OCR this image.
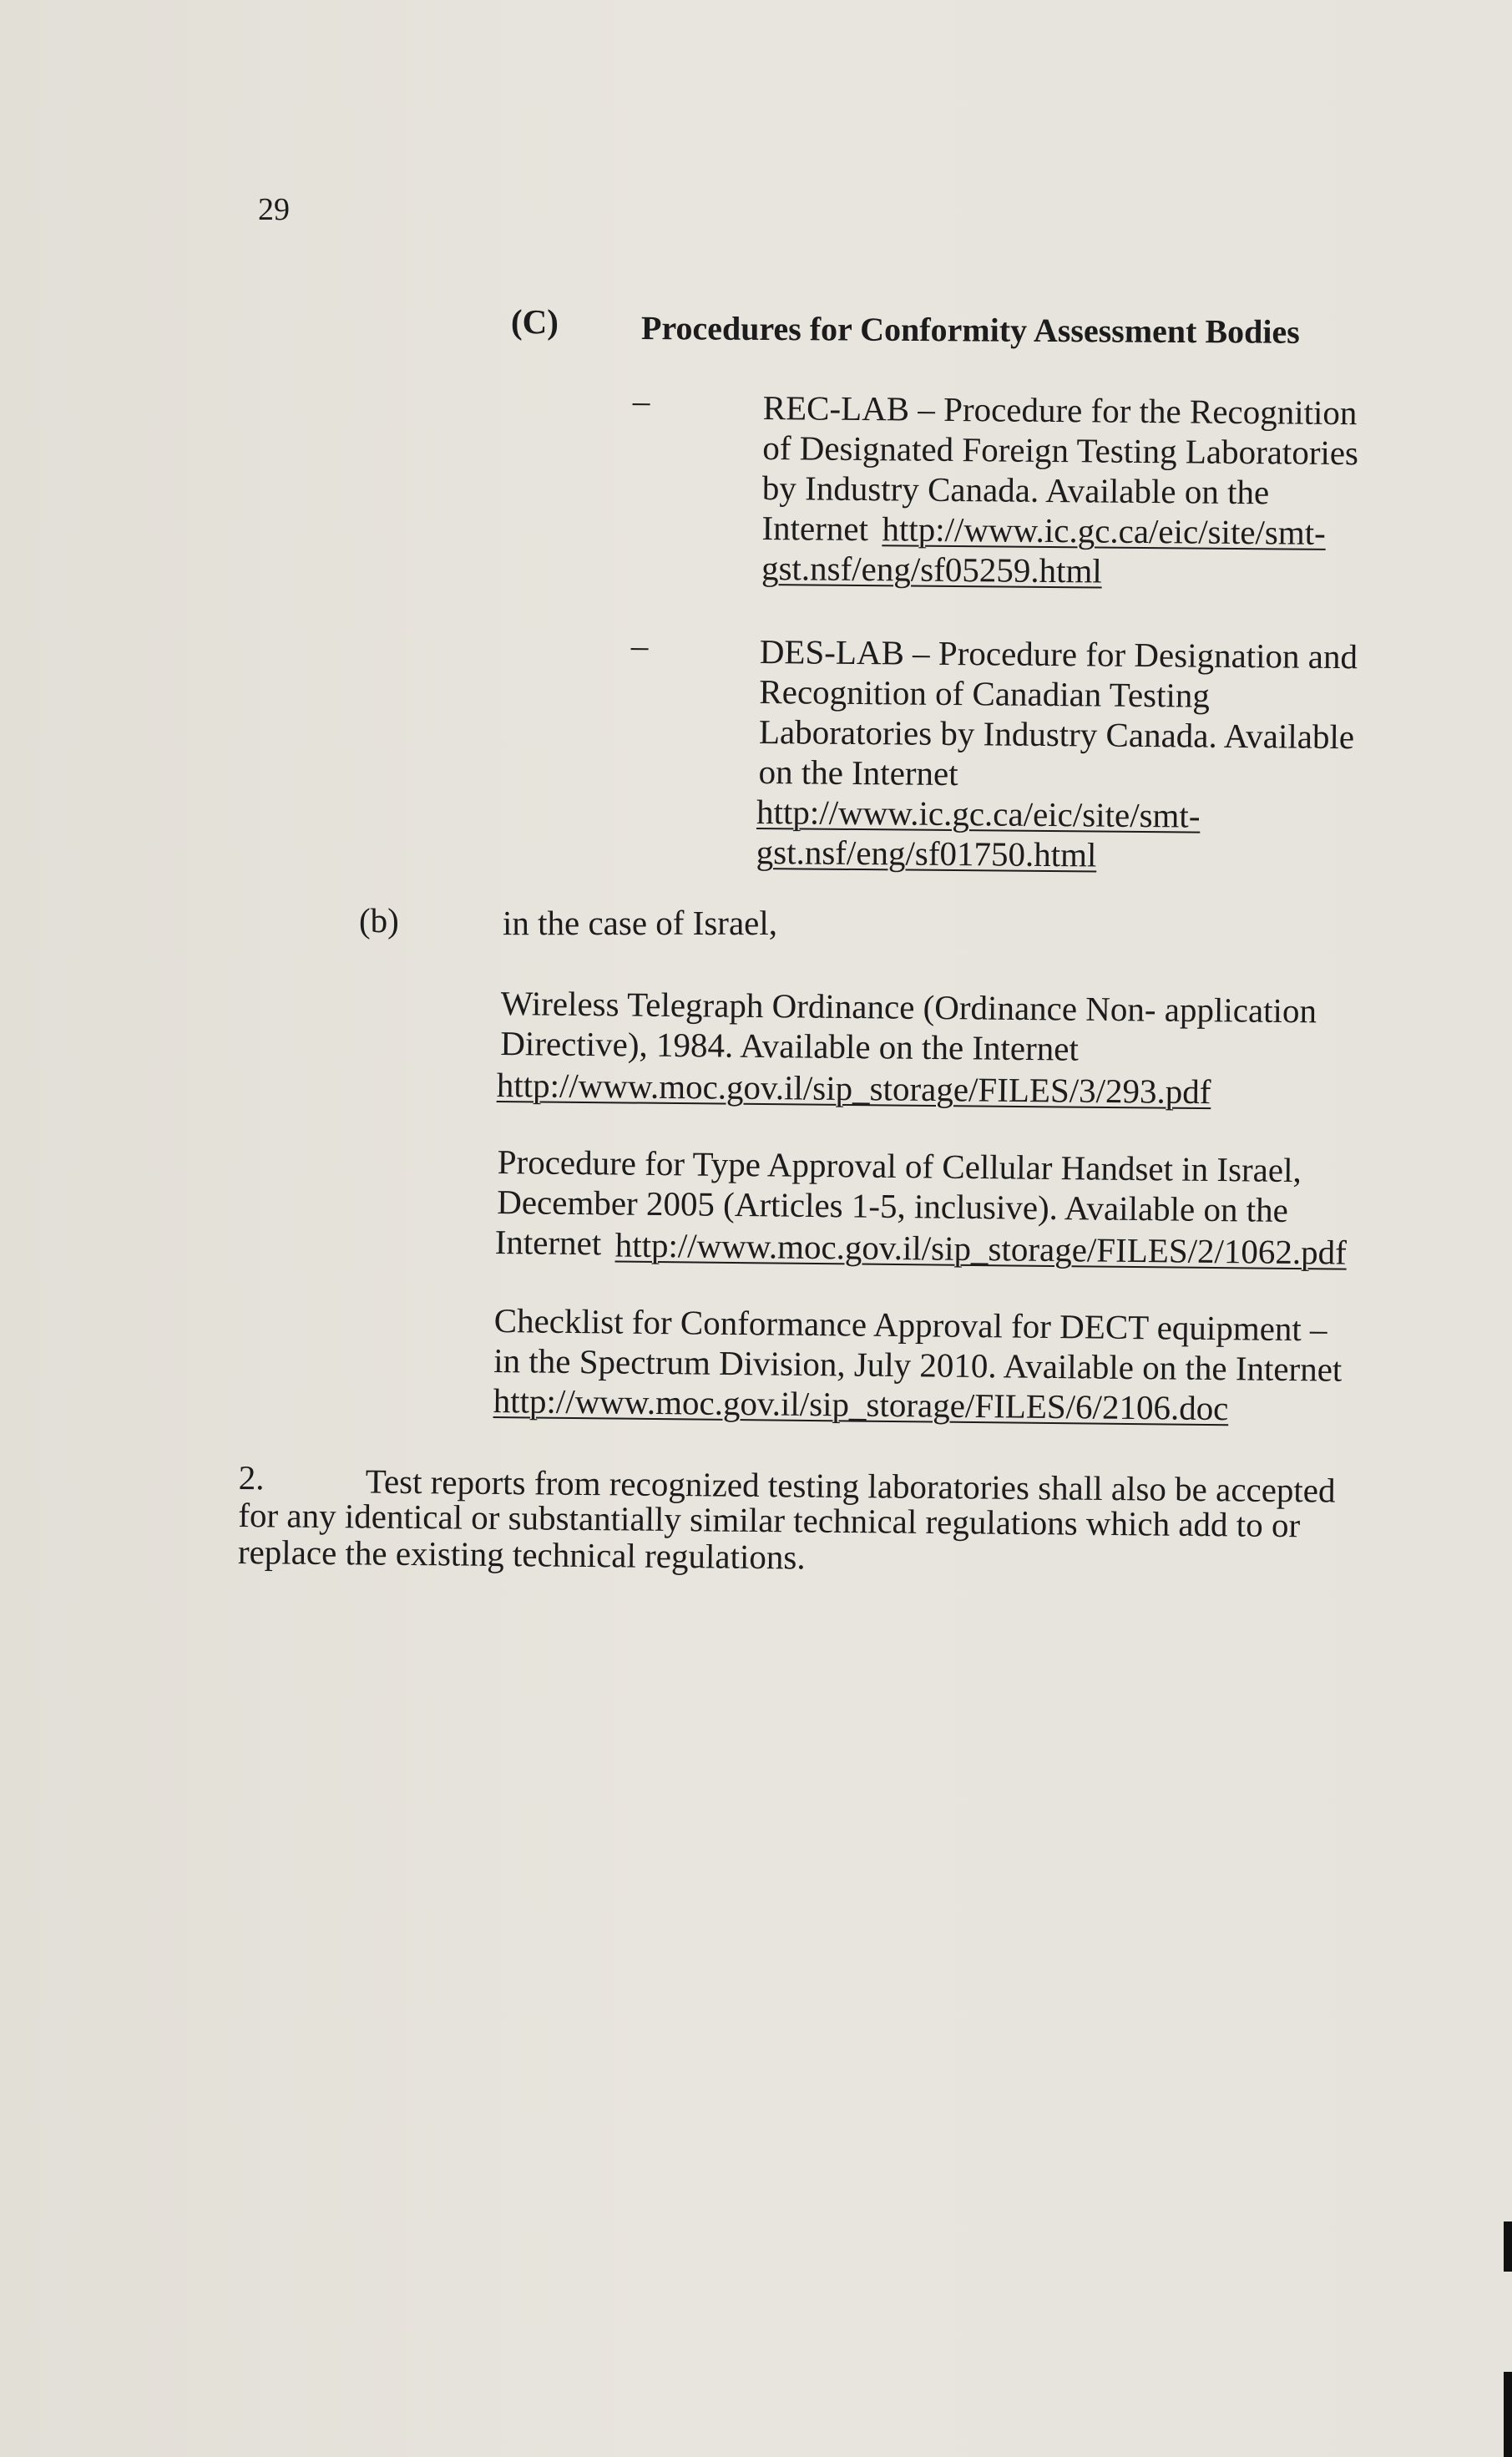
29
(C) Procedures for Conformity Assessment Bodies
–	REC-LAB – Procedure for the Recognition
of Designated Foreign Testing Laboratories
by Industry Canada. Available on the
Internet http://www.ic.gc.ca/eic/site/smt-
gst.nsf/eng/sf05259.html
–	DES-LAB – Procedure for Designation and
Recognition of Canadian Testing
Laboratories by Industry Canada. Available
on the Internet
http://www.ic.gc.ca/eic/site/smt-
gst.nsf/eng/sf01750.html
(b)	in the case of Israel,
Wireless Telegraph Ordinance (Ordinance Non- application
Directive), 1984. Available on the Internet
http://www.moc.gov.il/sip_storage/FILES/3/293.pdf
Procedure for Type Approval of Cellular Handset in Israel,
December 2005 (Articles 1-5, inclusive). Available on the
Internet http://www.moc.gov.il/sip_storage/FILES/2/1062.pdf
Checklist for Conformance Approval for DECT equipment –
in the Spectrum Division, July 2010. Available on the Internet
http://www.moc.gov.il/sip_storage/FILES/6/2106.doc
2.	Test reports from recognized testing laboratories shall also be accepted
for any identical or substantially similar technical regulations which add to or
replace the existing technical regulations.
